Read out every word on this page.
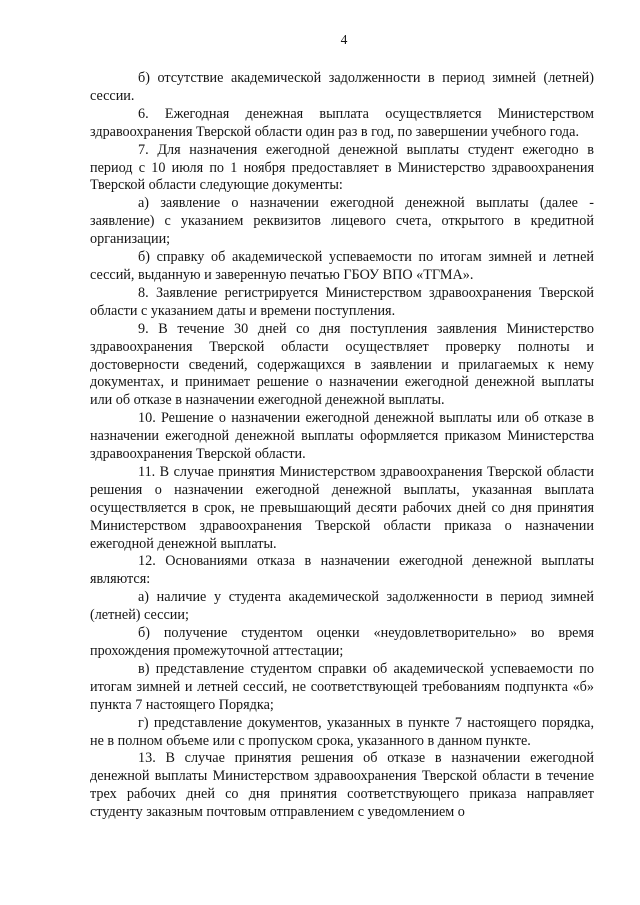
4

б) отсутствие академической задолженности в период зимней (летней) сессии.

6. Ежегодная денежная выплата осуществляется Министерством здравоохранения Тверской области один раз в год, по завершении учебного года.

7. Для назначения ежегодной денежной выплаты студент ежегодно в период с 10 июля по 1 ноября предоставляет в Министерство здравоохранения Тверской области следующие документы:

а) заявление о назначении ежегодной денежной выплаты (далее - заявление) с указанием реквизитов лицевого счета, открытого в кредитной организации;

б) справку об академической успеваемости по итогам зимней и летней сессий, выданную и заверенную печатью ГБОУ ВПО «ТГМА».

8. Заявление регистрируется Министерством здравоохранения Тверской области с указанием даты и времени поступления.

9. В течение 30 дней со дня поступления заявления Министерство здравоохранения Тверской области осуществляет проверку полноты и достоверности сведений, содержащихся в заявлении и прилагаемых к нему документах, и принимает решение о назначении ежегодной денежной выплаты или об отказе в назначении ежегодной денежной выплаты.

10. Решение о назначении ежегодной денежной выплаты или об отказе в назначении ежегодной денежной выплаты оформляется приказом Министерства здравоохранения Тверской области.

11. В случае принятия Министерством здравоохранения Тверской области решения о назначении ежегодной денежной выплаты, указанная выплата осуществляется в срок, не превышающий десяти рабочих дней со дня принятия Министерством здравоохранения Тверской области приказа о назначении ежегодной денежной выплаты.

12. Основаниями отказа в назначении ежегодной денежной выплаты являются:

а) наличие у студента академической задолженности в период зимней (летней) сессии;

б) получение студентом оценки «неудовлетворительно» во время прохождения промежуточной аттестации;

в) представление студентом справки об академической успеваемости по итогам зимней и летней сессий, не соответствующей требованиям подпункта «б» пункта 7 настоящего Порядка;

г) представление документов, указанных в пункте 7 настоящего порядка, не в полном объеме или с пропуском срока, указанного в данном пункте.

13. В случае принятия решения об отказе в назначении ежегодной денежной выплаты Министерством здравоохранения Тверской области в течение трех рабочих дней со дня принятия соответствующего приказа направляет студенту заказным почтовым отправлением с уведомлением о
